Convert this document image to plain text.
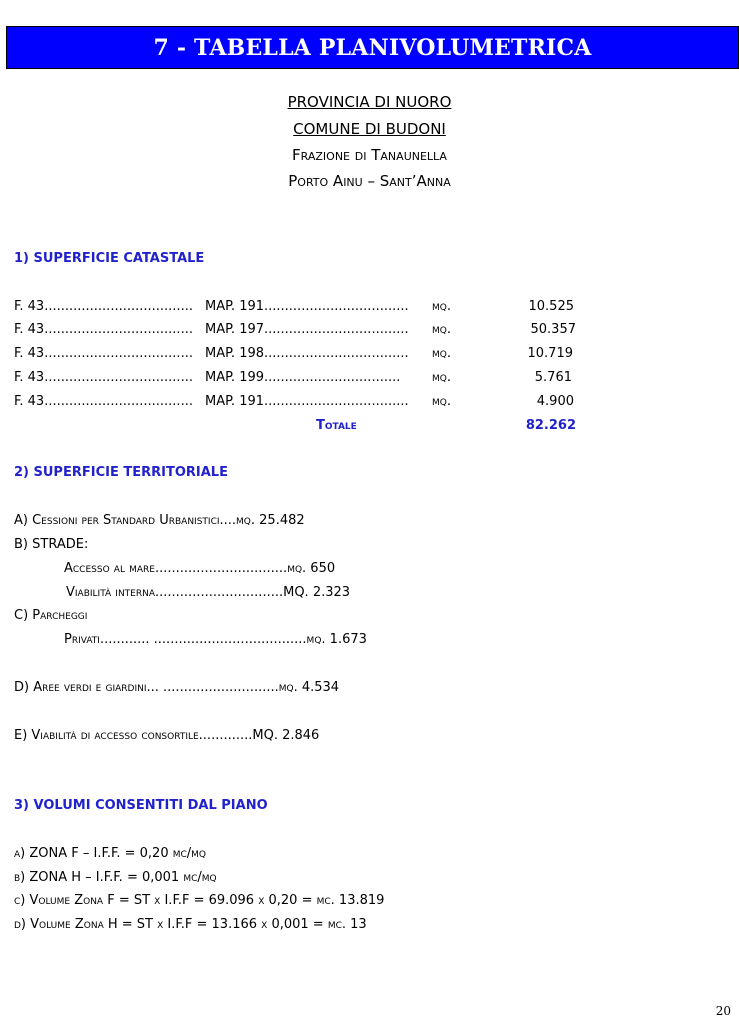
7 - TABELLA PLANIVOLUMETRICA
PROVINCIA DI NUORO
COMUNE DI BUDONI
Frazione di Tanaunella
Porto Ainu – Sant’Anna
1) SUPERFICIE CATASTALE
F. 43.................................... MAP. 191................................... mq.	10.525
F. 43.................................... MAP. 197................................... mq.	50.357
F. 43.................................... MAP. 198................................... mq.	10.719
F. 43.................................... MAP. 199................................. mq.	5.761
F. 43.................................... MAP. 191................................... mq.	4.900
Totale	82.262
2) SUPERFICIE TERRITORIALE
A) Cessioni per Standard Urbanistici....mq. 25.482
B) STRADE:
Accesso al mare................................mq. 650
Viabilità interna...............................MQ. 2.323
C) Parcheggi
Privati............ .....................................mq. 1.673
D) Aree verdi e giardini... ............................mq. 4.534
E) Viabilità di accesso consortile.............MQ. 2.846
3) VOLUMI CONSENTITI DAL PIANO
a) ZONA F – I.F.F. = 0,20 mc/mq
b) ZONA H – I.F.F. = 0,001 mc/mq
c) Volume Zona F = ST x I.F.F = 69.096 x 0,20 = mc. 13.819
d) Volume Zona H = ST x I.F.F = 13.166 x 0,001 = mc. 13
20
